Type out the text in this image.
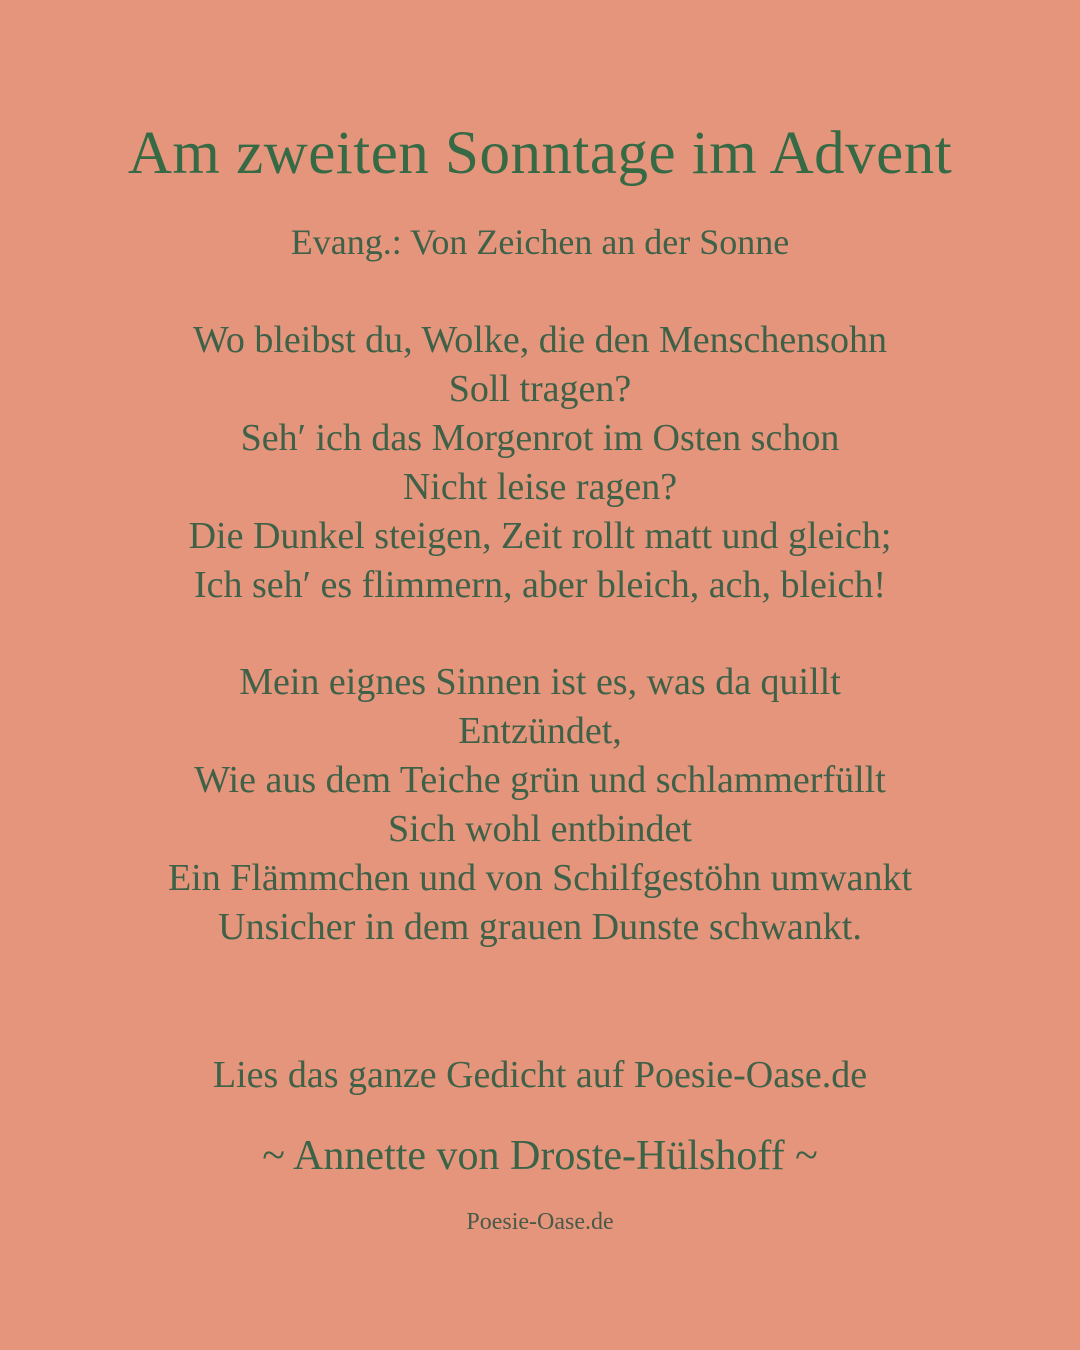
Am zweiten Sonntage im Advent
Evang.: Von Zeichen an der Sonne
Wo bleibst du, Wolke, die den Menschensohn
Soll tragen?
Seh′ ich das Morgenrot im Osten schon
Nicht leise ragen?
Die Dunkel steigen, Zeit rollt matt und gleich;
Ich seh′ es flimmern, aber bleich, ach, bleich!
Mein eignes Sinnen ist es, was da quillt
Entzündet,
Wie aus dem Teiche grün und schlammerfüllt
Sich wohl entbindet
Ein Flämmchen und von Schilfgestöhn umwankt
Unsicher in dem grauen Dunste schwankt.
Lies das ganze Gedicht auf Poesie-Oase.de
~ Annette von Droste-Hülshoff ~
Poesie-Oase.de
